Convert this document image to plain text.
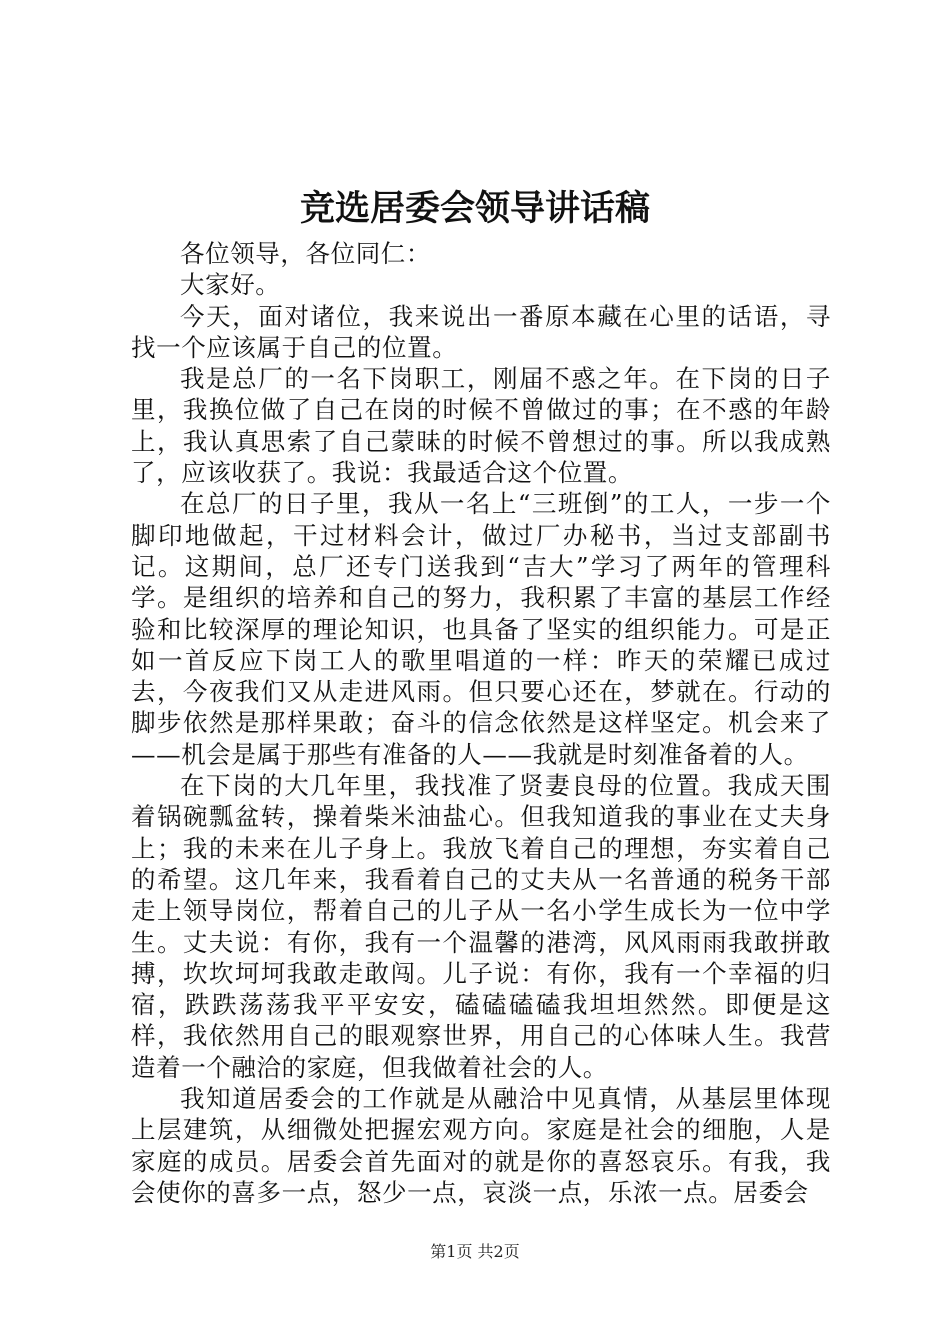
竞选居委会领导讲话稿

各位领导，各位同仁：

大家好。

今天，面对诸位，我来说出一番原本藏在心里的话语，寻找一个应该属于自己的位置。

我是总厂的一名下岗职工，刚届不惑之年。在下岗的日子里，我换位做了自己在岗的时候不曾做过的事；在不惑的年龄上，我认真思索了自己蒙昧的时候不曾想过的事。所以我成熟了，应该收获了。我说：我最适合这个位置。

在总厂的日子里，我从一名上“三班倒”的工人，一步一个脚印地做起，干过材料会计，做过厂办秘书，当过支部副书记。这期间，总厂还专门送我到“吉大”学习了两年的管理科学。是组织的培养和自己的努力，我积累了丰富的基层工作经验和比较深厚的理论知识，也具备了坚实的组织能力。可是正如一首反应下岗工人的歌里唱道的一样：昨天的荣耀已成过去，今夜我们又从走进风雨。但只要心还在，梦就在。行动的脚步依然是那样果敢；奋斗的信念依然是这样坚定。机会来了——机会是属于那些有准备的人——我就是时刻准备着的人。

在下岗的大几年里，我找准了贤妻良母的位置。我成天围着锅碗瓢盆转，操着柴米油盐心。但我知道我的事业在丈夫身上；我的未来在儿子身上。我放飞着自己的理想，夯实着自己的希望。这几年来，我看着自己的丈夫从一名普通的税务干部走上领导岗位，帮着自己的儿子从一名小学生成长为一位中学生。丈夫说：有你，我有一个温馨的港湾，风风雨雨我敢拼敢搏，坎坎坷坷我敢走敢闯。儿子说：有你，我有一个幸福的归宿，跌跌荡荡我平平安安，磕磕磕磕我坦坦然然。即便是这样，我依然用自己的眼观察世界，用自己的心体味人生。我营造着一个融洽的家庭，但我做着社会的人。

我知道居委会的工作就是从融洽中见真情，从基层里体现上层建筑，从细微处把握宏观方向。家庭是社会的细胞，人是家庭的成员。居委会首先面对的就是你的喜怒哀乐。有我，我会使你的喜多一点，怒少一点，哀淡一点，乐浓一点。居委会

第1页 共2页
